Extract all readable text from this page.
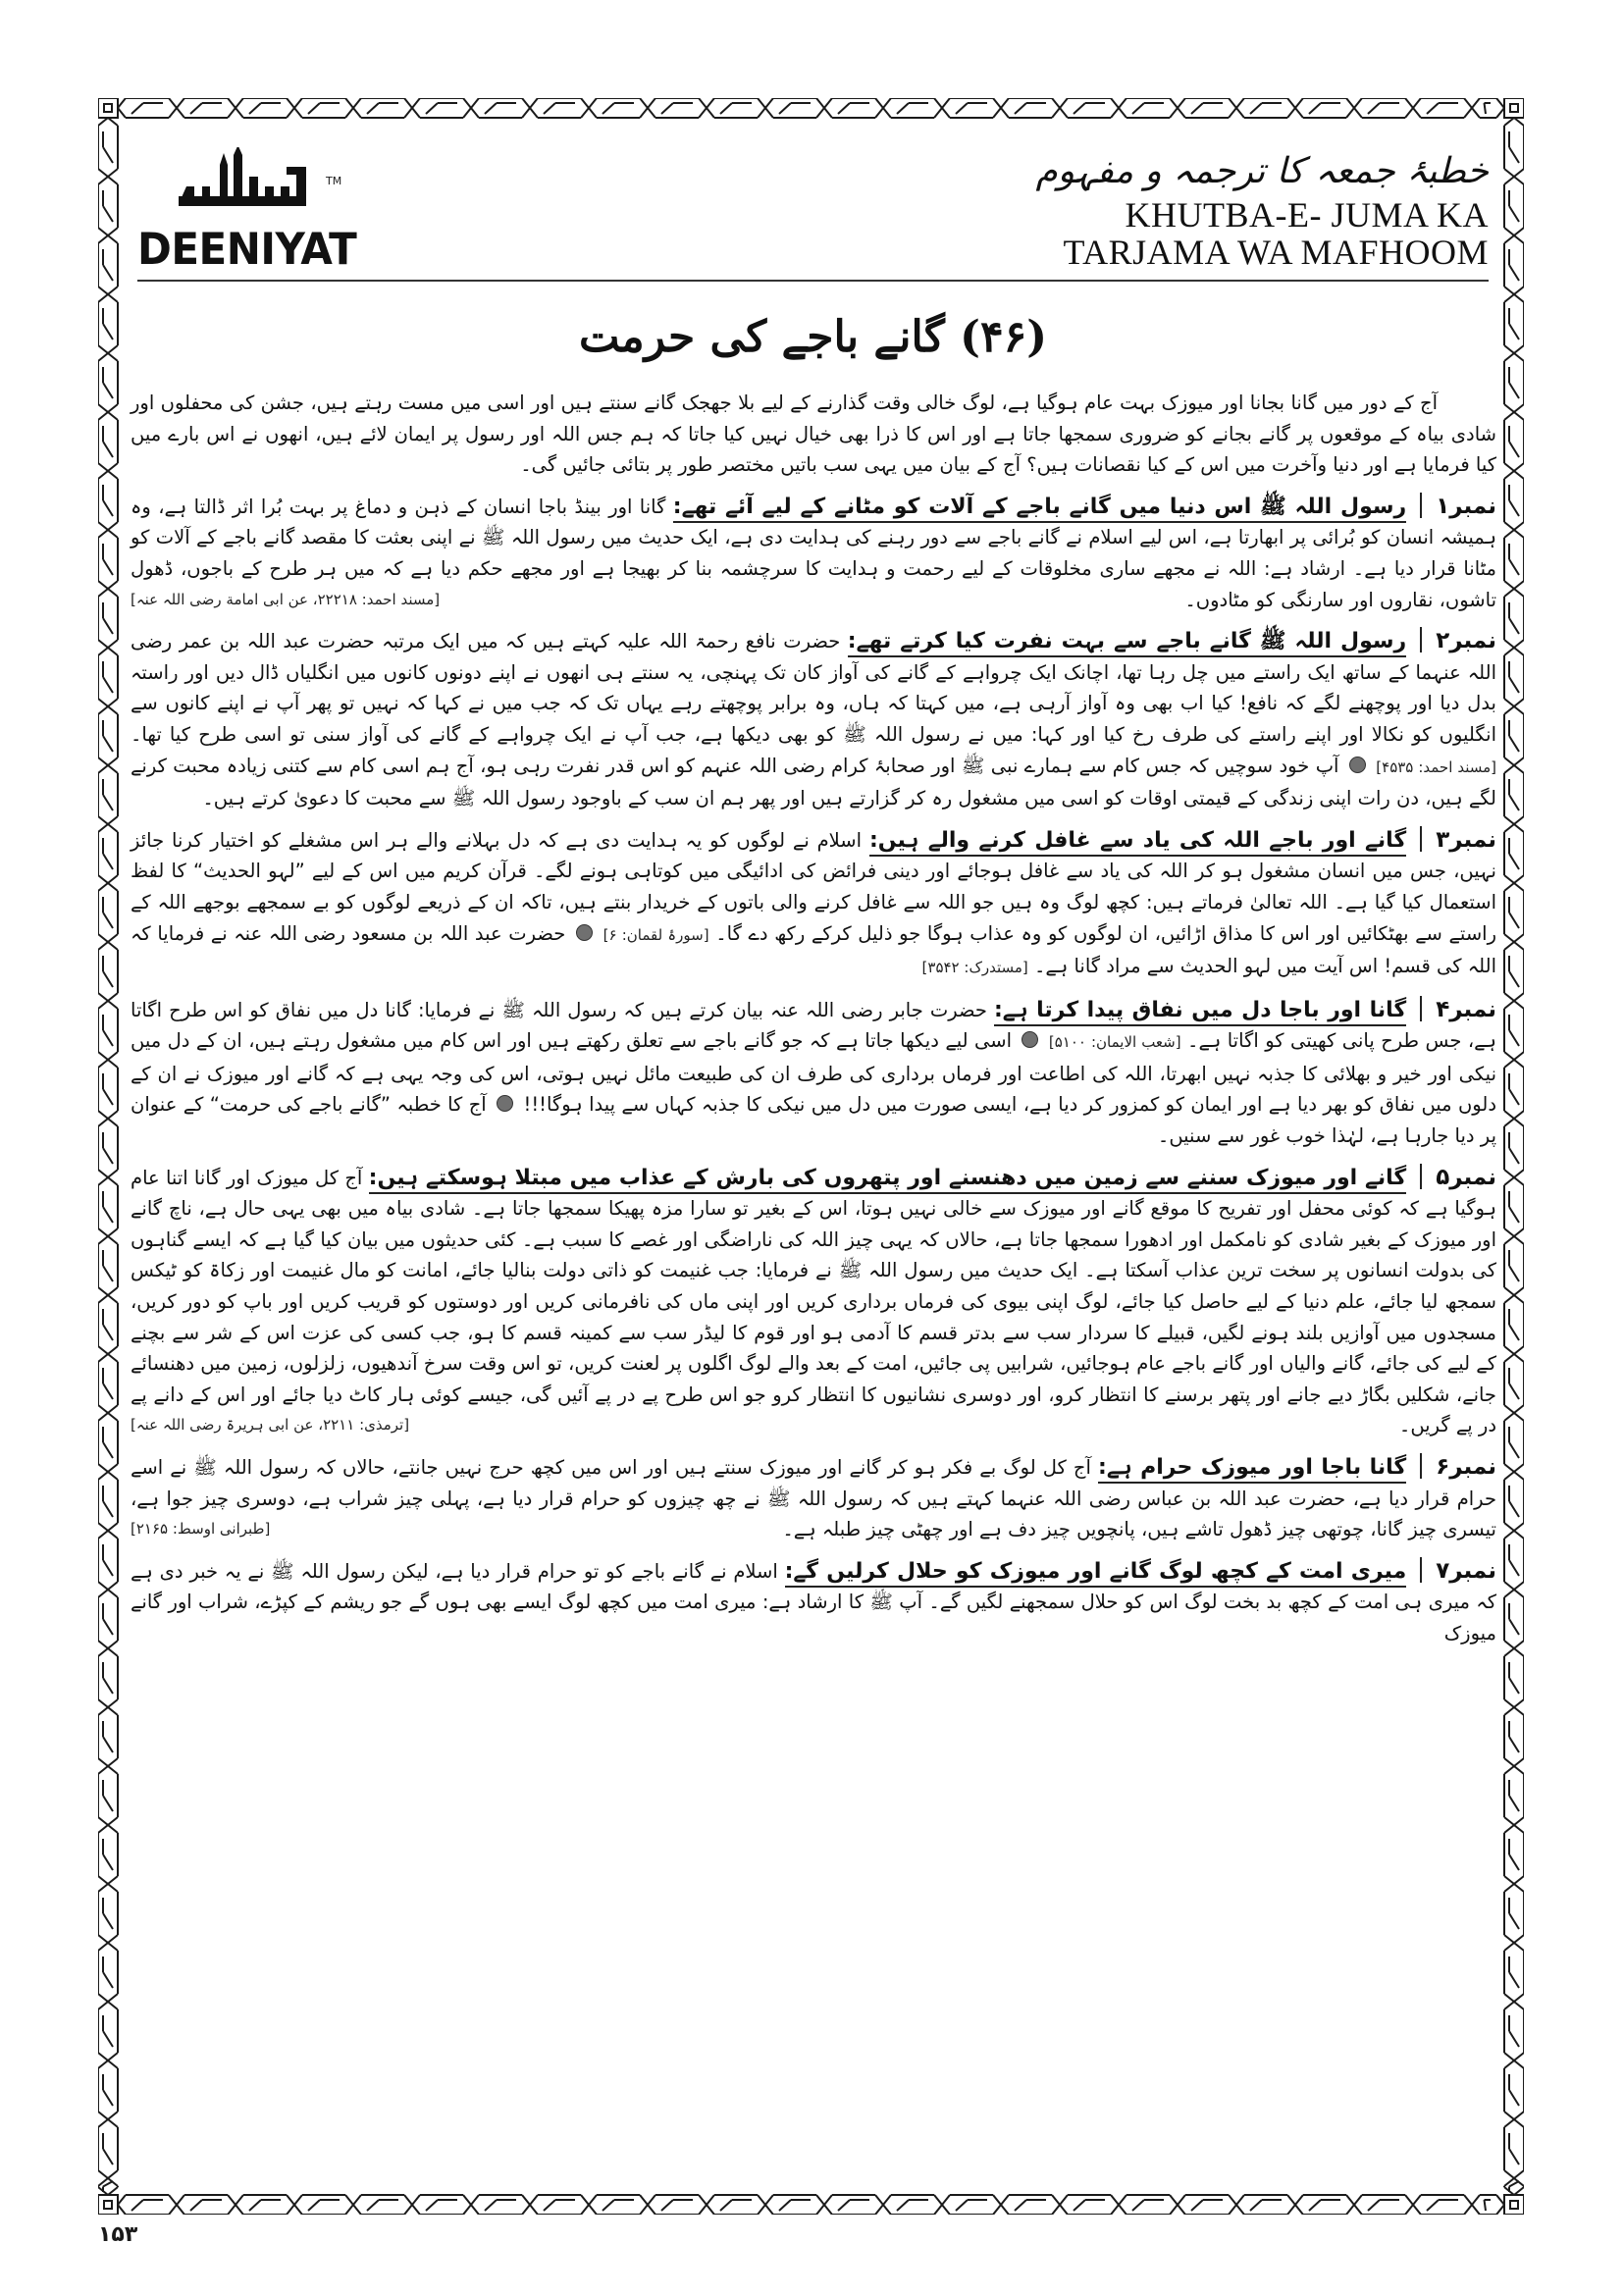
TM
DEENIYAT
خطبۂ جمعہ کا ترجمہ و مفہوم
KHUTBA-E- JUMA KA
TARJAMA WA MAFHOOM
(۴۶) گانے باجے کی حرمت

آج کے دور میں گانا بجانا اور میوزک بہت عام ہوگیا ہے، لوگ خالی وقت گذارنے کے لیے بلا جھجک گانے سنتے ہیں اور اسی میں مست رہتے ہیں، جشن کی محفلوں اور شادی بیاہ کے موقعوں پر گانے بجانے کو ضروری سمجھا جاتا ہے اور اس کا ذرا بھی خیال نہیں کیا جاتا کہ ہم جس اللہ اور رسول پر ایمان لائے ہیں، انھوں نے اس بارے میں کیا فرمایا ہے اور دنیا وآخرت میں اس کے کیا نقصانات ہیں؟ آج کے بیان میں یہی سب باتیں مختصر طور پر بتائی جائیں گی۔

نمبر۱رسول اللہ ﷺ اس دنیا میں گانے باجے کے آلات کو مٹانے کے لیے آئے تھے: گانا اور بینڈ باجا انسان کے ذہن و دماغ پر بہت بُرا اثر ڈالتا ہے، وہ ہمیشہ انسان کو بُرائی پر ابھارتا ہے، اس لیے اسلام نے گانے باجے سے دور رہنے کی ہدایت دی ہے، ایک حدیث میں رسول اللہ ﷺ نے اپنی بعثت کا مقصد گانے باجے کے آلات کو مٹانا قرار دیا ہے۔ ارشاد ہے: اللہ نے مجھے ساری مخلوقات کے لیے رحمت و ہدایت کا سرچشمہ بنا کر بھیجا ہے اور مجھے حکم دیا ہے کہ میں ہر طرح کے باجوں، ڈھول تاشوں، نقاروں اور سارنگی کو مٹادوں۔
[مسند احمد: ۲۲۲۱۸، عن ابی امامة رضی اللہ عنہ]

نمبر۲رسول اللہ ﷺ گانے باجے سے بہت نفرت کیا کرتے تھے: حضرت نافع رحمۃ اللہ علیہ کہتے ہیں کہ میں ایک مرتبہ حضرت عبد اللہ بن عمر رضی اللہ عنہما کے ساتھ ایک راستے میں چل رہا تھا، اچانک ایک چرواہے کے گانے کی آواز کان تک پہنچی، یہ سنتے ہی انھوں نے اپنے دونوں کانوں میں انگلیاں ڈال دیں اور راستہ بدل دیا اور پوچھنے لگے کہ نافع! کیا اب بھی وہ آواز آرہی ہے، میں کہتا کہ ہاں، وہ برابر پوچھتے رہے یہاں تک کہ جب میں نے کہا کہ نہیں تو پھر آپ نے اپنے کانوں سے انگلیوں کو نکالا اور اپنے راستے کی طرف رخ کیا اور کہا: میں نے رسول اللہ ﷺ کو بھی دیکھا ہے، جب آپ نے ایک چرواہے کے گانے کی آواز سنی تو اسی طرح کیا تھا۔ [مسند احمد: ۴۵۳۵]  آپ خود سوچیں کہ جس کام سے ہمارے نبی ﷺ اور صحابۂ کرام رضی اللہ عنہم کو اس قدر نفرت رہی ہو، آج ہم اسی کام سے کتنی زیادہ محبت کرنے لگے ہیں، دن رات اپنی زندگی کے قیمتی اوقات کو اسی میں مشغول رہ کر گزارتے ہیں اور پھر ہم ان سب کے باوجود رسول اللہ ﷺ سے محبت کا دعویٰ کرتے ہیں۔

نمبر۳گانے اور باجے اللہ کی یاد سے غافل کرنے والے ہیں: اسلام نے لوگوں کو یہ ہدایت دی ہے کہ دل بہلانے والے ہر اس مشغلے کو اختیار کرنا جائز نہیں، جس میں انسان مشغول ہو کر اللہ کی یاد سے غافل ہوجائے اور دینی فرائض کی ادائیگی میں کوتاہی ہونے لگے۔ قرآن کریم میں اس کے لیے ”لہو الحدیث“ کا لفظ استعمال کیا گیا ہے۔ اللہ تعالیٰ فرماتے ہیں: کچھ لوگ وہ ہیں جو اللہ سے غافل کرنے والی باتوں کے خریدار بنتے ہیں، تاکہ ان کے ذریعے لوگوں کو بے سمجھے بوجھے اللہ کے راستے سے بھٹکائیں اور اس کا مذاق اڑائیں، ان لوگوں کو وہ عذاب ہوگا جو ذلیل کرکے رکھ دے گا۔ [سورۂ لقمان: ۶]  حضرت عبد اللہ بن مسعود رضی اللہ عنہ نے فرمایا کہ اللہ کی قسم! اس آیت میں لہو الحدیث سے مراد گانا ہے۔ [مستدرک: ۳۵۴۲]

نمبر۴گانا اور باجا دل میں نفاق پیدا کرتا ہے: حضرت جابر رضی اللہ عنہ بیان کرتے ہیں کہ رسول اللہ ﷺ نے فرمایا: گانا دل میں نفاق کو اس طرح اگاتا ہے، جس طرح پانی کھیتی کو اگاتا ہے۔ [شعب الایمان: ۵۱۰۰]  اسی لیے دیکھا جاتا ہے کہ جو گانے باجے سے تعلق رکھتے ہیں اور اس کام میں مشغول رہتے ہیں، ان کے دل میں نیکی اور خیر و بھلائی کا جذبہ نہیں ابھرتا، اللہ کی اطاعت اور فرماں برداری کی طرف ان کی طبیعت مائل نہیں ہوتی، اس کی وجہ یہی ہے کہ گانے اور میوزک نے ان کے دلوں میں نفاق کو بھر دیا ہے اور ایمان کو کمزور کر دیا ہے، ایسی صورت میں دل میں نیکی کا جذبہ کہاں سے پیدا ہوگا!!!  آج کا خطبہ ”گانے باجے کی حرمت“ کے عنوان پر دیا جارہا ہے، لہٰذا خوب غور سے سنیں۔

نمبر۵گانے اور میوزک سننے سے زمین میں دھنسنے اور پتھروں کی بارش کے عذاب میں مبتلا ہوسکتے ہیں: آج کل میوزک اور گانا اتنا عام ہوگیا ہے کہ کوئی محفل اور تفریح کا موقع گانے اور میوزک سے خالی نہیں ہوتا، اس کے بغیر تو سارا مزہ پھیکا سمجھا جاتا ہے۔ شادی بیاہ میں بھی یہی حال ہے، ناچ گانے اور میوزک کے بغیر شادی کو نامکمل اور ادھورا سمجھا جاتا ہے، حالاں کہ یہی چیز اللہ کی ناراضگی اور غصے کا سبب ہے۔ کئی حدیثوں میں بیان کیا گیا ہے کہ ایسے گناہوں کی بدولت انسانوں پر سخت ترین عذاب آسکتا ہے۔ ایک حدیث میں رسول اللہ ﷺ نے فرمایا: جب غنیمت کو ذاتی دولت بنالیا جائے، امانت کو مال غنیمت اور زکاۃ کو ٹیکس سمجھ لیا جائے، علم دنیا کے لیے حاصل کیا جائے، لوگ اپنی بیوی کی فرماں برداری کریں اور اپنی ماں کی نافرمانی کریں اور دوستوں کو قریب کریں اور باپ کو دور کریں، مسجدوں میں آوازیں بلند ہونے لگیں، قبیلے کا سردار سب سے بدتر قسم کا آدمی ہو اور قوم کا لیڈر سب سے کمینہ قسم کا ہو، جب کسی کی عزت اس کے شر سے بچنے کے لیے کی جائے، گانے والیاں اور گانے باجے عام ہوجائیں، شرابیں پی جائیں، امت کے بعد والے لوگ اگلوں پر لعنت کریں، تو اس وقت سرخ آندھیوں، زلزلوں، زمین میں دھنسائے جانے، شکلیں بگاڑ دیے جانے اور پتھر برسنے کا انتظار کرو، اور دوسری نشانیوں کا انتظار کرو جو اس طرح پے در پے آئیں گی، جیسے کوئی ہار کاٹ دیا جائے اور اس کے دانے پے در پے گریں۔
[ترمذی: ۲۲۱۱، عن ابی ہریرۃ رضی اللہ عنہ]

نمبر۶گانا باجا اور میوزک حرام ہے: آج کل لوگ بے فکر ہو کر گانے اور میوزک سنتے ہیں اور اس میں کچھ حرج نہیں جانتے، حالاں کہ رسول اللہ ﷺ نے اسے حرام قرار دیا ہے، حضرت عبد اللہ بن عباس رضی اللہ عنہما کہتے ہیں کہ رسول اللہ ﷺ نے چھ چیزوں کو حرام قرار دیا ہے، پہلی چیز شراب ہے، دوسری چیز جوا ہے، تیسری چیز گانا، چوتھی چیز ڈھول تاشے ہیں، پانچویں چیز دف ہے اور چھٹی چیز طبلہ ہے۔
[طبرانی اوسط: ۲۱۶۵]

نمبر۷میری امت کے کچھ لوگ گانے اور میوزک کو حلال کرلیں گے: اسلام نے گانے باجے کو تو حرام قرار دیا ہے، لیکن رسول اللہ ﷺ نے یہ خبر دی ہے کہ میری ہی امت کے کچھ بد بخت لوگ اس کو حلال سمجھنے لگیں گے۔ آپ ﷺ کا ارشاد ہے: میری امت میں کچھ لوگ ایسے بھی ہوں گے جو ریشم کے کپڑے، شراب اور گانے میوزک

۱۵۳
